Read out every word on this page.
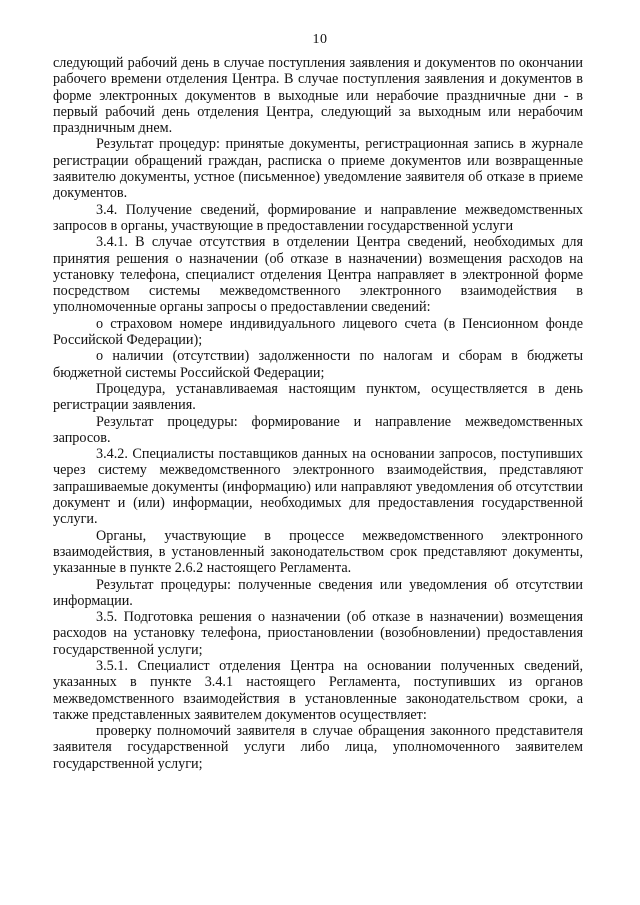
10

следующий рабочий день в случае поступления заявления и документов по окончании рабочего времени отделения Центра. В случае поступления заявления и документов в форме электронных документов в выходные или нерабочие праздничные дни - в первый рабочий день отделения Центра, следующий за выходным или нерабочим праздничным днем.

Результат процедур: принятые документы, регистрационная запись в журнале регистрации обращений граждан, расписка о приеме документов или возвращенные заявителю документы, устное (письменное) уведомление заявителя об отказе в приеме документов.

3.4. Получение сведений, формирование и направление межведомственных запросов в органы, участвующие в предоставлении государственной услуги

3.4.1. В случае отсутствия в отделении Центра сведений, необходимых для принятия решения о назначении (об отказе в назначении) возмещения расходов на установку телефона, специалист отделения Центра направляет в электронной форме посредством системы межведомственного электронного взаимодействия в уполномоченные органы запросы о предоставлении сведений:

о страховом номере индивидуального лицевого счета (в Пенсионном фонде Российской Федерации);

о наличии (отсутствии) задолженности по налогам и сборам в бюджеты бюджетной системы Российской Федерации;

Процедура, устанавливаемая настоящим пунктом, осуществляется в день регистрации заявления.

Результат процедуры: формирование и направление межведомственных запросов.

3.4.2. Специалисты поставщиков данных на основании запросов, поступивших через систему межведомственного электронного взаимодействия, представляют запрашиваемые документы (информацию) или направляют уведомления об отсутствии документ и (или) информации, необходимых для предоставления государственной услуги.

Органы, участвующие в процессе межведомственного электронного взаимодействия, в установленный законодательством срок представляют документы, указанные в пункте 2.6.2 настоящего Регламента.

Результат процедуры: полученные сведения или уведомления об отсутствии информации.

3.5. Подготовка решения о назначении (об отказе в назначении) возмещения расходов на установку телефона, приостановлении (возобновлении) предоставления государственной услуги;

3.5.1. Специалист отделения Центра на основании полученных сведений, указанных в пункте 3.4.1 настоящего Регламента, поступивших из органов межведомственного взаимодействия в установленные законодательством сроки, а также представленных заявителем документов осуществляет:

проверку полномочий заявителя в случае обращения законного представителя заявителя государственной услуги либо лица, уполномоченного заявителем государственной услуги;
